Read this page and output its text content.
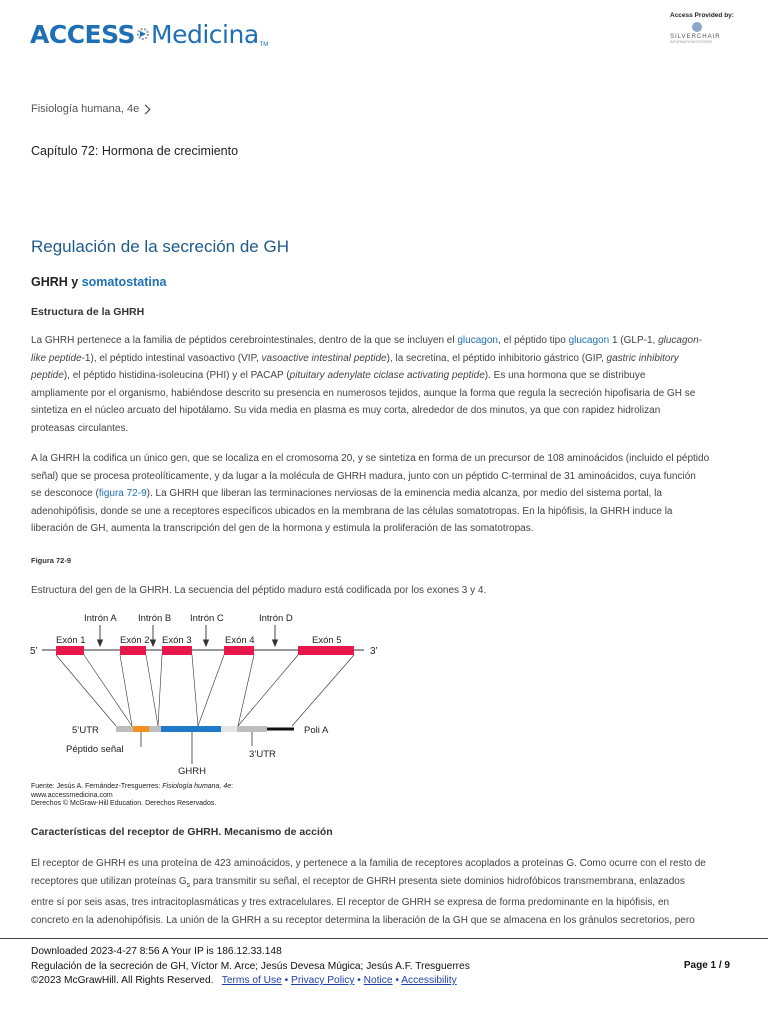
ACCESS Medicina TM
Access Provided by:
SILVERCHAIR
INFORMATION/SYSTEMS
Fisiología humana, 4e
Capítulo 72: Hormona de crecimiento
Regulación de la secreción de GH
GHRH y somatostatina
Estructura de la GHRH
La GHRH pertenece a la familia de péptidos cerebrointestinales, dentro de la que se incluyen el glucagon, el péptido tipo glucagon 1 (GLP-1, glucagon-
like peptide-1), el péptido intestinal vasoactivo (VIP, vasoactive intestinal peptide), la secretina, el péptido inhibitorio gástrico (GIP, gastric inhibitory
peptide), el péptido histidina-isoleucina (PHI) y el PACAP (pituitary adenylate ciclase activating peptide). Es una hormona que se distribuye
ampliamente por el organismo, habiéndose descrito su presencia en numerosos tejidos, aunque la forma que regula la secreción hipofisaria de GH se
sintetiza en el núcleo arcuato del hipotálamo. Su vida media en plasma es muy corta, alrededor de dos minutos, ya que con rapidez hidrolizan
proteasas circulantes.
A la GHRH la codifica un único gen, que se localiza en el cromosoma 20, y se sintetiza en forma de un precursor de 108 aminoácidos (incluido el péptido
señal) que se procesa proteolíticamente, y da lugar a la molécula de GHRH madura, junto con un péptido C-terminal de 31 aminoácidos, cuya función
se desconoce (figura 72-9). La GHRH que liberan las terminaciones nerviosas de la eminencia media alcanza, por medio del sistema portal, la
adenohipófisis, donde se une a receptores específicos ubicados en la membrana de las células somatotropas. En la hipófisis, la GHRH induce la
liberación de GH, aumenta la transcripción del gen de la hormona y estimula la proliferación de las somatotropas.
Figura 72-9
Estructura del gen de la GHRH. La secuencia del péptido maduro está codificada por los exones 3 y 4.
5’	3’
Exón 1	Exón 2 Exón 3	Exón 4	Exón 5
Intrón A Intrón B Intrón C	Intrón D
5’UTR
Péptido señal
GHRH
3’UTR
Poli A
Fuente: Jesús A. Fernández-Tresguerres: Fisiología humana, 4e:
www.accessmedicina.com
Derechos © McGraw-Hill Education. Derechos Reservados.
Características del receptor de GHRH. Mecanismo de acción
El receptor de GHRH es una proteína de 423 aminoácidos, y pertenece a la familia de receptores acoplados a proteínas G. Como ocurre con el resto de
receptores que utilizan proteínas $G_s$ para transmitir su señal, el receptor de GHRH presenta siete dominios hidrofóbicos transmembrana, enlazados
entre sí por seis asas, tres intracitoplasmáticas y tres extracelulares. El receptor de GHRH se expresa de forma predominante en la hipófisis, en
concreto en la adenohipófisis. La unión de la GHRH a su receptor determina la liberación de la GH que se almacena en los gránulos secretorios, pero
Downloaded 2023-4-27 8:56 A Your IP is 186.12.33.148
Regulación de la secreción de GH, Víctor M. Arce; Jesús Devesa Múgica; Jesús A.F. Tresguerres
©2023 McGrawHill. All Rights Reserved. Terms of Use • Privacy Policy • Notice • Accessibility
Page 1 / 9
